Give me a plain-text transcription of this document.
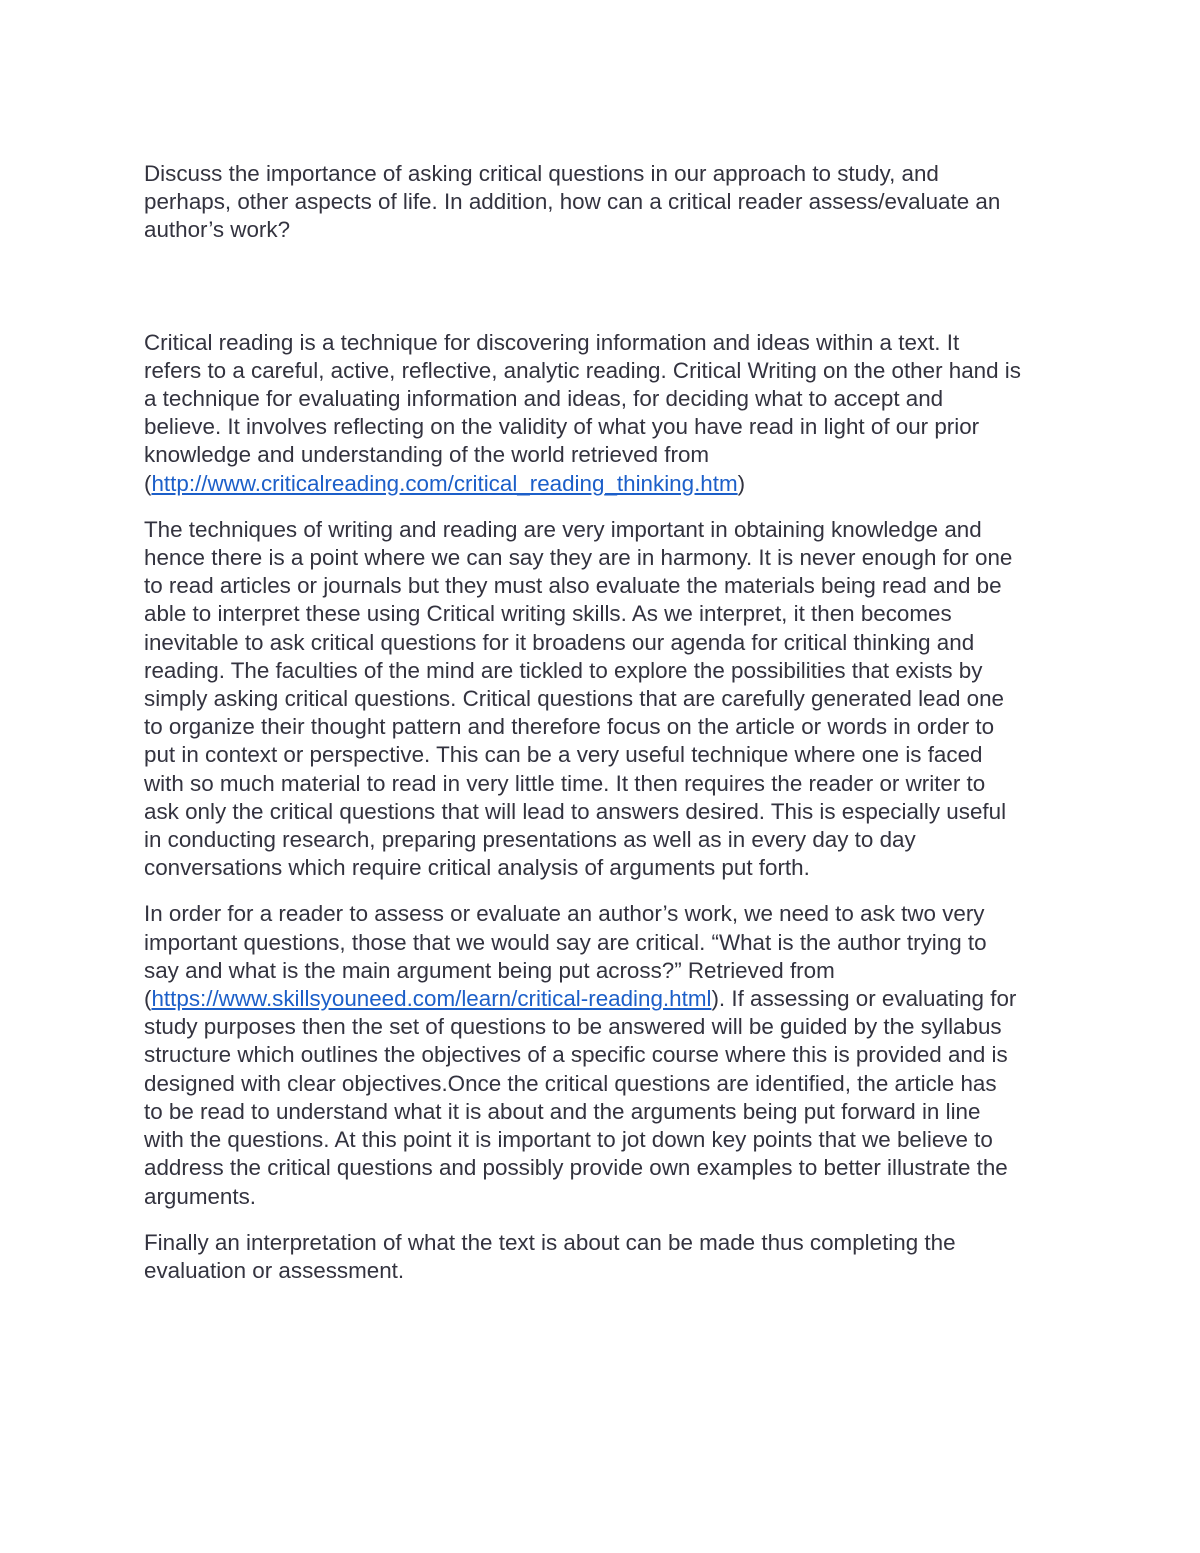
Discuss the importance of asking critical questions in our approach to study, and
perhaps, other aspects of life. In addition, how can a critical reader assess/evaluate an
author’s work?

Critical reading is a technique for discovering information and ideas within a text. It
refers to a careful, active, reflective, analytic reading. Critical Writing on the other hand is
a technique for evaluating information and ideas, for deciding what to accept and
believe. It involves reflecting on the validity of what you have read in light of our prior
knowledge and understanding of the world retrieved from
(http://www.criticalreading.com/critical_reading_thinking.htm)

The techniques of writing and reading are very important in obtaining knowledge and
hence there is a point where we can say they are in harmony. It is never enough for one
to read articles or journals but they must also evaluate the materials being read and be
able to interpret these using Critical writing skills. As we interpret, it then becomes
inevitable to ask critical questions for it broadens our agenda for critical thinking and
reading. The faculties of the mind are tickled to explore the possibilities that exists by
simply asking critical questions. Critical questions that are carefully generated lead one
to organize their thought pattern and therefore focus on the article or words in order to
put in context or perspective. This can be a very useful technique where one is faced
with so much material to read in very little time. It then requires the reader or writer to
ask only the critical questions that will lead to answers desired. This is especially useful
in conducting research, preparing presentations as well as in every day to day
conversations which require critical analysis of arguments put forth.

In order for a reader to assess or evaluate an author’s work, we need to ask two very
important questions, those that we would say are critical. “What is the author trying to
say and what is the main argument being put across?” Retrieved from
(https://www.skillsyouneed.com/learn/critical-reading.html). If assessing or evaluating for
study purposes then the set of questions to be answered will be guided by the syllabus
structure which outlines the objectives of a specific course where this is provided and is
designed with clear objectives.Once the critical questions are identified, the article has
to be read to understand what it is about and the arguments being put forward in line
with the questions. At this point it is important to jot down key points that we believe to
address the critical questions and possibly provide own examples to better illustrate the
arguments.

Finally an interpretation of what the text is about can be made thus completing the
evaluation or assessment.
